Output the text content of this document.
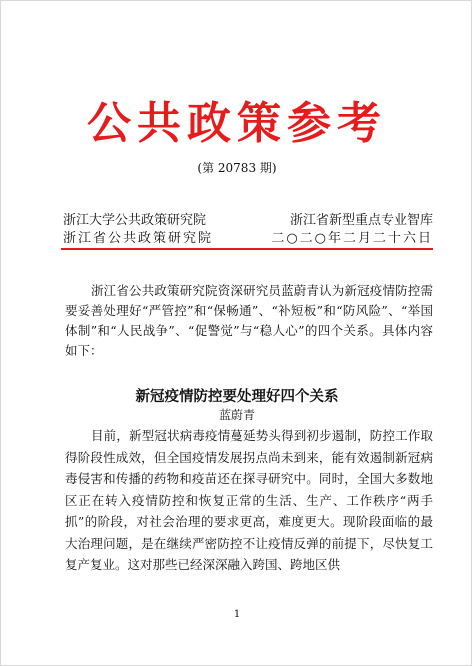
公共政策参考
(第 20783 期)
浙江大学公共政策研究院	浙江省新型重点专业智库
浙江省公共政策研究院	二○二○年二月二十六日
浙江省公共政策研究院资深研究员蓝蔚青认为新冠疫情防控需要妥善处理好“严管控”和“保畅通”、“补短板”和“防风险”、“举国体制”和“人民战争”、“促警觉”与“稳人心”的四个关系。具体内容如下：
新冠疫情防控要处理好四个关系
蓝蔚青
目前，新型冠状病毒疫情蔓延势头得到初步遏制，防控工作取得阶段性成效，但全国疫情发展拐点尚未到来，能有效遏制新冠病毒侵害和传播的药物和疫苗还在探寻研究中。同时，全国大多数地区正在转入疫情防控和恢复正常的生活、生产、工作秩序“两手抓”的阶段，对社会治理的要求更高，难度更大。现阶段面临的最大治理问题，是在继续严密防控不让疫情反弹的前提下，尽快复工复产复业。这对那些已经深深融入跨国、跨地区供
1
